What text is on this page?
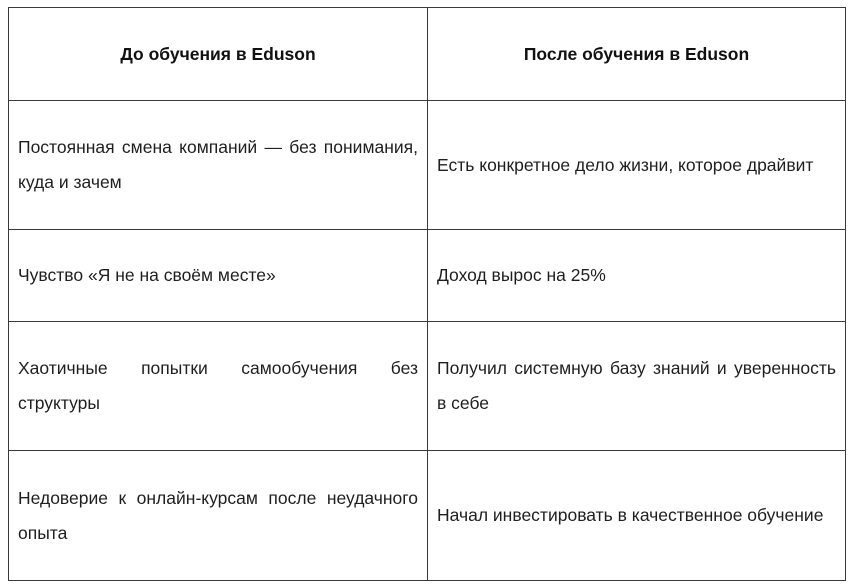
До обучения в Eduson	После обучения в Eduson
Постоянная смена компаний — без понимания, куда и зачем	Есть конкретное дело жизни, которое драйвит
Чувство «Я не на своём месте»	Доход вырос на 25%
Хаотичные попытки самообучения без структуры	Получил системную базу знаний и уверенность в себе
Недоверие к онлайн-курсам после неудачного опыта	Начал инвестировать в качественное обучение
